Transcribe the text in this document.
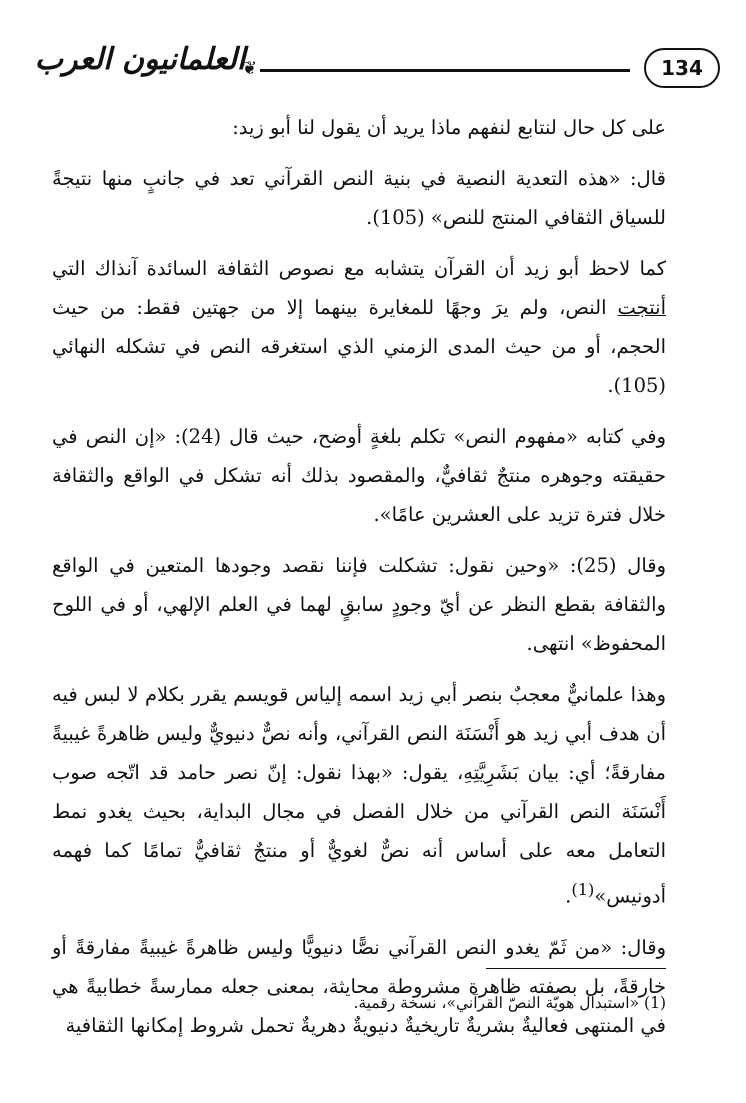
134
❦
العلمانيون العرب

على كل حال لنتابع لنفهم ماذا يريد أن يقول لنا أبو زيد:

قال: «هذه التعدية النصية في بنية النص القرآني تعد في جانبٍ منها نتيجةً للسياق الثقافي المنتج للنص» (105).

كما لاحظ أبو زيد أن القرآن يتشابه مع نصوص الثقافة السائدة آنذاك التي أنتجت النص، ولم يرَ وجهًا للمغايرة بينهما إلا من جهتين فقط: من حيث الحجم، أو من حيث المدى الزمني الذي استغرقه النص في تشكله النهائي (105).

وفي كتابه «مفهوم النص» تكلم بلغةٍ أوضح، حيث قال (24): «إن النص في حقيقته وجوهره منتجٌ ثقافيٌّ، والمقصود بذلك أنه تشكل في الواقع والثقافة خلال فترة تزيد على العشرين عامًا».

وقال (25): «وحين نقول: تشكلت فإننا نقصد وجودها المتعين في الواقع والثقافة بقطع النظر عن أيّ وجودٍ سابقٍ لهما في العلم الإلهي، أو في اللوح المحفوظ» انتهى.

وهذا علمانيٌّ معجبٌ بنصر أبي زيد اسمه إلياس قويسم يقرر بكلام لا لبس فيه أن هدف أبي زيد هو أَنْسَنَة النص القرآني، وأنه نصٌّ دنيويٌّ وليس ظاهرةً غيبيةً مفارقةً؛ أي: بيان بَشَرِيَّتِهِ، يقول: «بهذا نقول: إنّ نصر حامد قد اتّجه صوب أَنْسَنَة النص القرآني من خلال الفصل في مجال البداية، بحيث يغدو نمط التعامل معه على أساس أنه نصٌّ لغويٌّ أو منتجٌ ثقافيٌّ تمامًا كما فهمه أدونيس»$^{(1)}$.

وقال: «من ثَمّ يغدو النص القرآني نصًّا دنيويًّا وليس ظاهرةً غيبيةً مفارقةً أو خارقةً، بل بصفته ظاهرة مشروطة محايثة، بمعنى جعله ممارسةً خطابيةً هي في المنتهى فعاليةٌ بشريةٌ تاريخيةٌ دنيويةٌ دهريةٌ تحمل شروط إمكانها الثقافية

(1) «استبدال هويّة النصّ القرآني»، نسخة رقمية.
